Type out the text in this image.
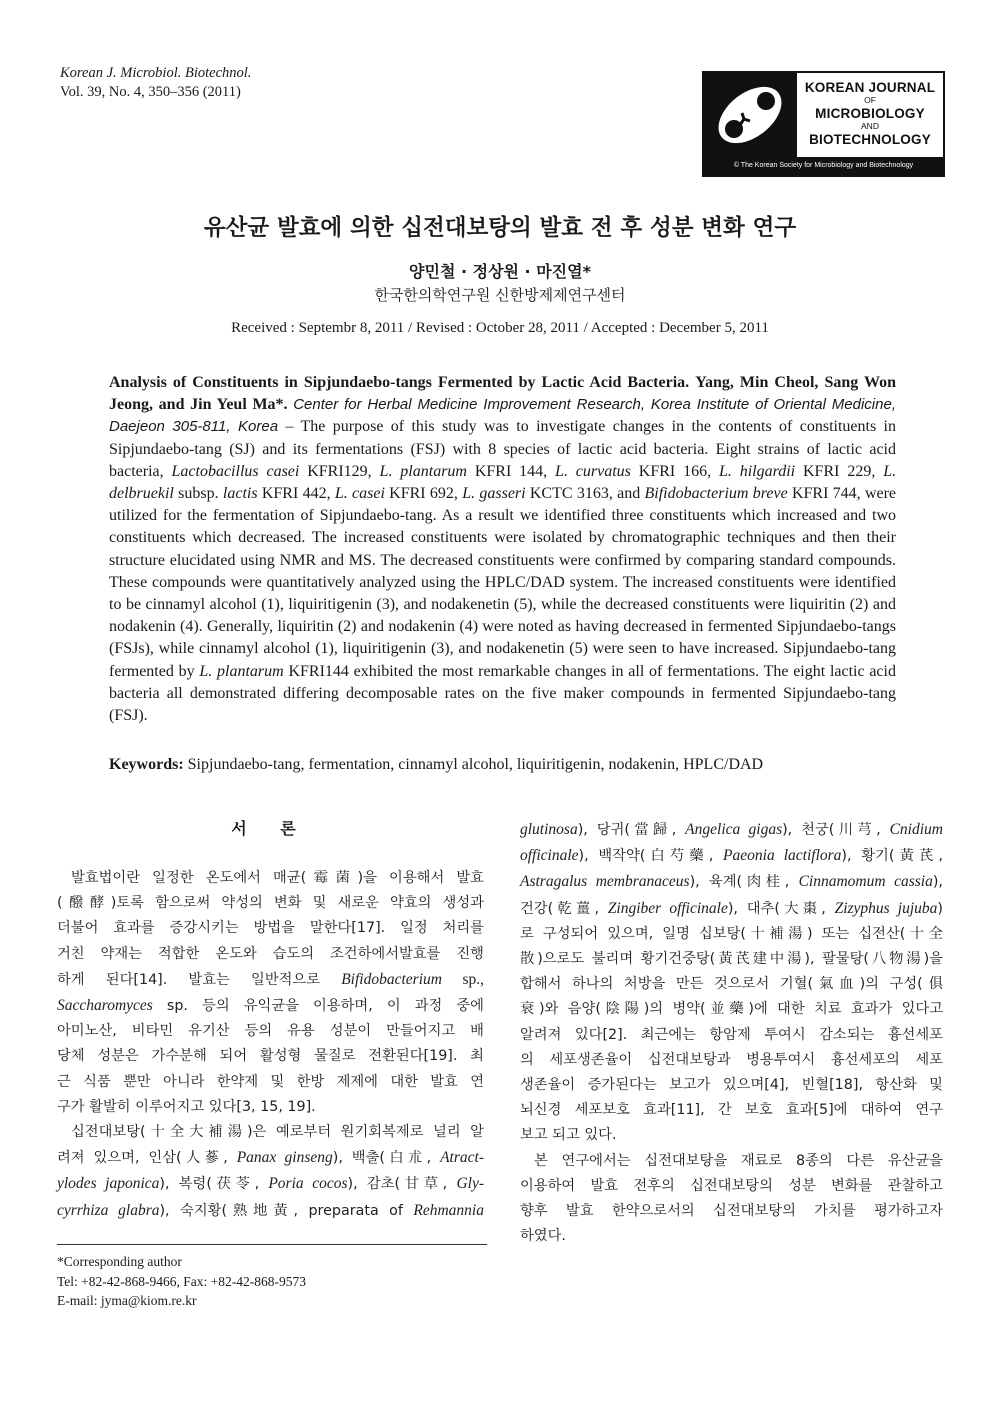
Korean J. Microbiol. Biotechnol.
Vol. 39, No. 4, 350–356 (2011)	KOREAN JOURNAL
OF
MICROBIOLOGY
AND
BIOTECHNOLOGY
© The Korean Society for Microbiology and Biotechnology
유산균 발효에 의한 십전대보탕의 발효 전 후 성분 변화 연구
양민철 · 정상원 · 마진열*
한국한의학연구원 신한방제제연구센터
Received : Septembr 8, 2011 / Revised : October 28, 2011 / Accepted : December 5, 2011
Analysis of Constituents in Sipjundaebo-tangs Fermented by Lactic Acid Bacteria. Yang, Min Cheol, Sang Won Jeong, and Jin Yeul Ma*. Center for Herbal Medicine Improvement Research, Korea Institute of Oriental Medicine, Daejeon 305-811, Korea – The purpose of this study was to investigate changes in the contents of constituents in Sipjundaebo-tang (SJ) and its fermentations (FSJ) with 8 species of lactic acid bacteria. Eight strains of lactic acid bacteria, Lactobacillus casei KFRI129, L. plantarum KFRI 144, L. curvatus KFRI 166, L. hilgardii KFRI 229, L. delbruekil subsp. lactis KFRI 442, L. casei KFRI 692, L. gasseri KCTC 3163, and Bifidobacterium breve KFRI 744, were utilized for the fermentation of Sipjundaebo-tang. As a result we identified three constituents which increased and two constituents which decreased. The increased constituents were isolated by chromatographic techniques and then their structure elucidated using NMR and MS. The decreased constituents were confirmed by comparing standard compounds. These compounds were quantitatively analyzed using the HPLC/DAD system. The increased constituents were identified to be cinnamyl alcohol (1), liquiritigenin (3), and nodakenetin (5), while the decreased constituents were liquiritin (2) and nodakenin (4). Generally, liquiritin (2) and nodakenin (4) were noted as having decreased in fermented Sipjundaebo-tangs (FSJs), while cinnamyl alcohol (1), liquiritigenin (3), and nodakenetin (5) were seen to have increased. Sipjundaebo-tang fermented by L. plantarum KFRI144 exhibited the most remarkable changes in all of fermentations. The eight lactic acid bacteria all demonstrated differing decomposable rates on the five maker compounds in fermented Sipjundaebo-tang (FSJ).
Keywords: Sipjundaebo-tang, fermentation, cinnamyl alcohol, liquiritigenin, nodakenin, HPLC/DAD
서 론
발효법이란 일정한 온도에서 매균(霉菌)을 이용해서 발효
(醱酵)토록 함으로써 약성의 변화 및 새로운 약효의 생성과
더불어 효과를 증강시키는 방법을 말한다[17]. 일정 처리를
거친 약재는 적합한 온도와 습도의 조건하에서발효를 진행
하게 된다[14]. 발효는 일반적으로 Bifidobacterium sp.,
Saccharomyces sp. 등의 유익균을 이용하며, 이 과정 중에
아미노산, 비타민 유기산 등의 유용 성분이 만들어지고 배
당체 성분은 가수분해 되어 활성형 물질로 전환된다[19]. 최
근 식품 뿐만 아니라 한약제 및 한방 제제에 대한 발효 연
구가 활발히 이루어지고 있다[3, 15, 19].
십전대보탕(十全大補湯)은 예로부터 원기회복제로 널리 알
려져 있으며, 인삼(人蔘, Panax ginseng), 백출(白朮, Atract-
ylodes japonica), 복령(茯苓, Poria cocos), 감초(甘草, Gly-
cyrrhiza glabra), 숙지황(熟地黃, preparata of Rehmannia
glutinosa), 당귀(當歸, Angelica gigas), 천궁(川芎, Cnidium
officinale), 백작약(白芍藥, Paeonia lactiflora), 황기(黃芪,
Astragalus membranaceus), 육계(肉桂, Cinnamomum cassia),
건강(乾薑, Zingiber officinale), 대추(大棗, Zizyphus jujuba)
로 구성되어 있으며, 일명 십보탕(十補湯) 또는 십전산(十全
散)으로도 불리며 황기건중탕(黃芪建中湯), 팔물탕(八物湯)을
합해서 하나의 처방을 만든 것으로서 기혈(氣血)의 구성(俱
衰)와 음양(陰陽)의 병약(並藥)에 대한 치료 효과가 있다고
알려져 있다[2]. 최근에는 항암제 투여시 감소되는 흉선세포
의 세포생존율이 십전대보탕과 병용투여시 흉선세포의 세포
생존율이 증가된다는 보고가 있으며[4], 빈혈[18], 항산화 및
뇌신경 세포보호 효과[11], 간 보호 효과[5]에 대하여 연구
보고 되고 있다.
본 연구에서는 십전대보탕을 재료로 8종의 다른 유산균을
이용하여 발효 전후의 십전대보탕의 성분 변화를 관찰하고
향후 발효 한약으로서의 십전대보탕의 가치를 평가하고자
하였다.
*Corresponding author
Tel: +82-42-868-9466, Fax: +82-42-868-9573
E-mail: jyma@kiom.re.kr
